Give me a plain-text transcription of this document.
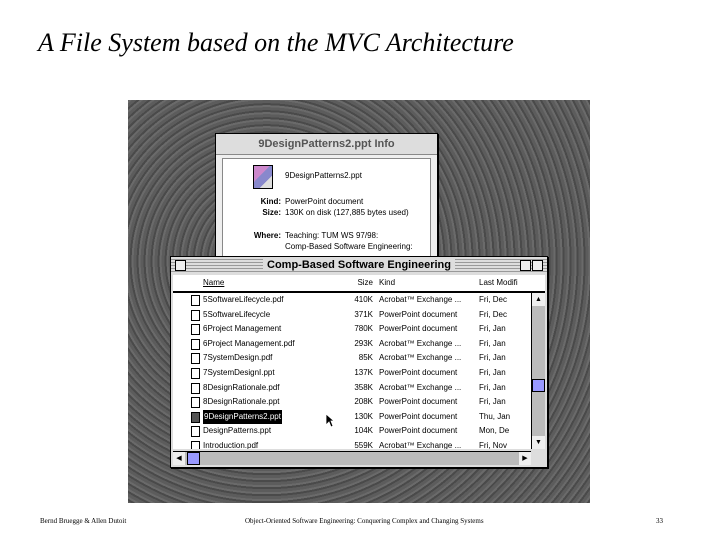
A File System based on the MVC Architecture
9DesignPatterns2.ppt Info
9DesignPatterns2.ppt
Kind: PowerPoint document
Size: 130K on disk (127,885 bytes used)
Where: Teaching: TUM WS 97/98:
Comp-Based Software Engineering:
Comp-Based Software Engineering
Name	Size Kind	Last Modifi
5SoftwareLifecycle.pdf	410K Acrobat™ Exchange ... Fri, Dec
5SoftwareLifecycle	371K PowerPoint document	Fri, Dec
6Project Management	780K PowerPoint document	Fri, Jan
6Project Management.pdf	293K Acrobat™ Exchange ... Fri, Jan
7SystemDesign.pdf	85K Acrobat™ Exchange ... Fri, Jan
7SystemDesignI.ppt	137K PowerPoint document	Fri, Jan
8DesignRationale.pdf	358K Acrobat™ Exchange ... Fri, Jan
8DesignRationale.ppt	208K PowerPoint document	Fri, Jan
9DesignPatterns2.ppt	130K PowerPoint document	Thu, Jan
DesignPatterns.ppt	104K PowerPoint document	Mon, De
Introduction.pdf	559K Acrobat™ Exchange ... Fri, Nov
▲
▼
◀	▶
Bernd Bruegge & Allen Dutoit	Object-Oriented Software Engineering: Conquering Complex and Changing Systems	33
